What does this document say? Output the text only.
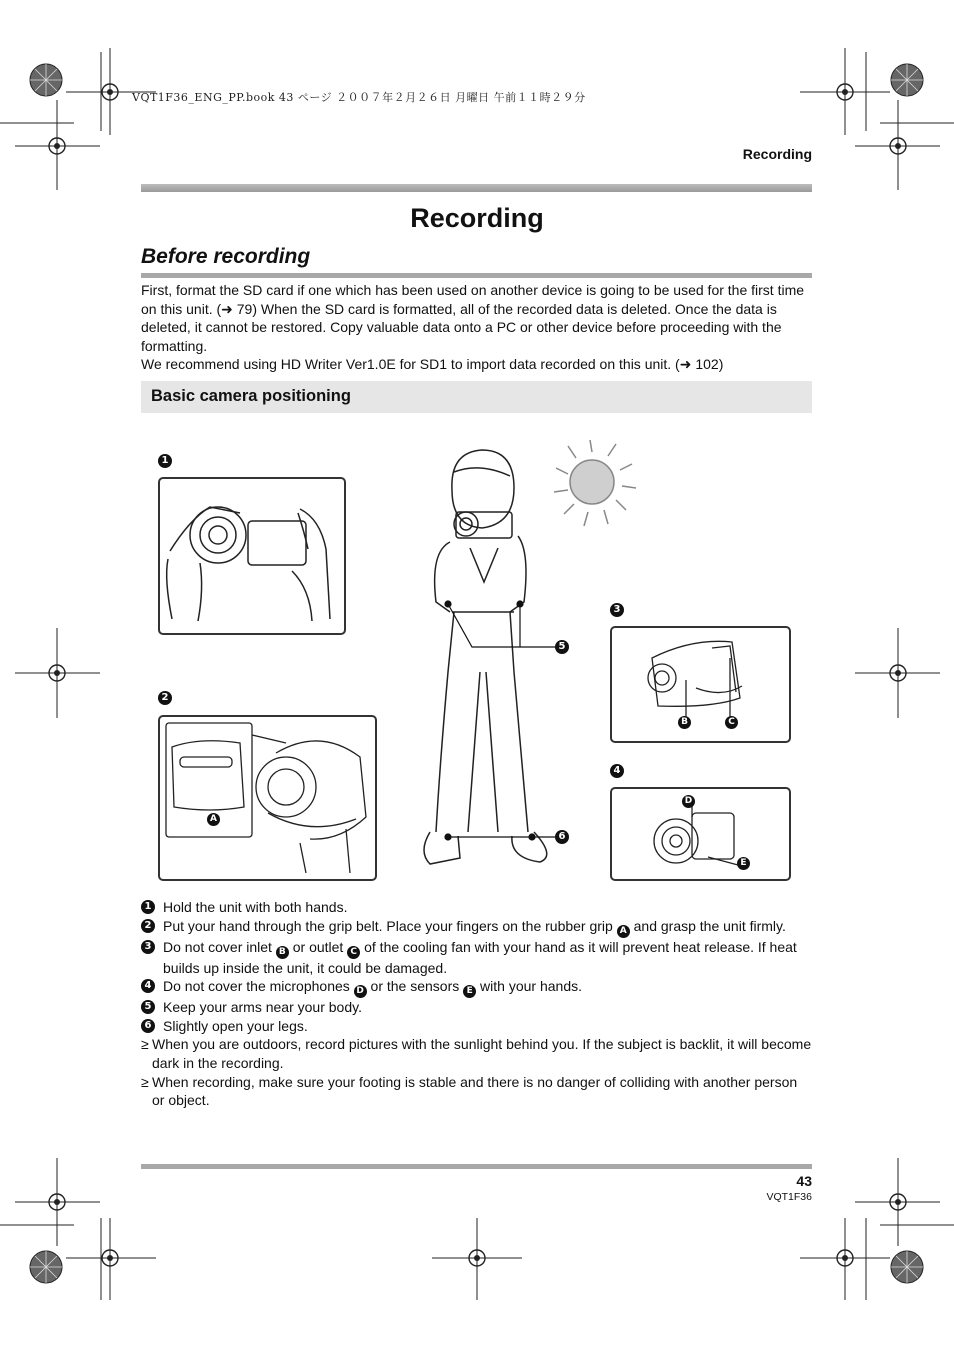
VQT1F36_ENG_PP.book 43 ページ ２００７年２月２６日 月曜日 午前１１時２９分
Recording
Recording
Before recording

First, format the SD card if one which has been used on another device is going to be used for the first time on this unit. (➜ 79) When the SD card is formatted, all of the recorded data is deleted. Once the data is deleted, it cannot be restored. Copy valuable data onto a PC or other device before proceeding with the formatting.

We recommend using HD Writer Ver1.0E for SD1 to import data recorded on this unit. (➜ 102)

Basic camera positioning
1
2
A
5
6
3
B	C
4
D
E
1 Hold the unit with both hands.
2 Put your hand through the grip belt. Place your fingers on the rubber grip A and grasp the unit firmly.
3 Do not cover inlet B or outlet C of the cooling fan with your hand as it will prevent heat release. If heat builds up inside the unit, it could be damaged.
4 Do not cover the microphones D or the sensors E with your hands.
5 Keep your arms near your body.
6 Slightly open your legs.
≥ When you are outdoors, record pictures with the sunlight behind you. If the subject is backlit, it will become dark in the recording.
≥ When recording, make sure your footing is stable and there is no danger of colliding with another person or object.
43
VQT1F36
